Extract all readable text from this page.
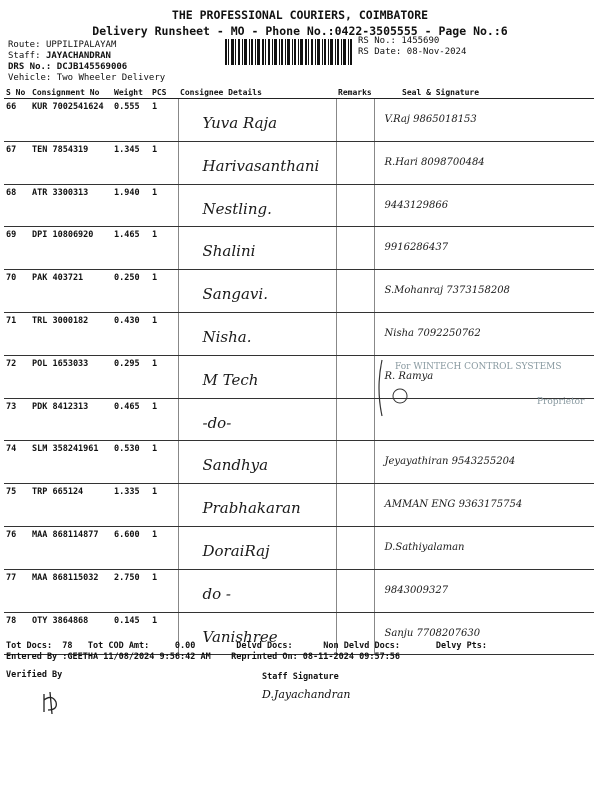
THE PROFESSIONAL COURIERS, COIMBATORE
Delivery Runsheet - MO - Phone No.:0422-3505555 - Page No.:6
Route: UPPILIPALAYAM
Staff: JAYACHANDRAN
DRS No.: DCJB145569006
Vehicle: Two Wheeler Delivery
RS No.: 1455690
RS Date: 08-Nov-2024
S No	Consignment No	Weight	PCS	Consignee Details	Remarks	Seal & Signature
66	KUR 7002541624	0.555	1	Yuva Raja		V.Raj 9865018153

67	TEN 7854319	1.345	1	Harivasanthani		R.Hari 8098700484

68	ATR 3300313	1.940	1	Nestling.		9443129866

69	DPI 10806920	1.465	1	Shalini		9916286437

70	PAK 403721	0.250	1	Sangavi.		S.Mohanraj 7373158208

71	TRL 3000182	0.430	1	Nisha.		Nisha 7092250762

72	POL 1653033	0.295	1	M Tech		R. Ramya

73	PDK 8412313	0.465	1	-do-		

74	SLM 358241961	0.530	1	Sandhya		Jeyayathiran 9543255204

75	TRP 665124	1.335	1	Prabhakaran		AMMAN ENG 9363175754

76	MAA 868114877	6.600	1	DoraiRaj		D.Sathiyalaman

77	MAA 868115032	2.750	1	do -		9843009327

78	OTY 3864868	0.145	1	Vanishree		Sanju 7708207630
For WINTECH CONTROL SYSTEMS
Proprietor
Tot Docs:  78   Tot COD Amt:     0.00        Delvd Docs:      Non Delvd Docs:       Delvy Pts:
Entered By :GEETHA 11/08/2024 9:56:42 AM    Reprinted On: 08-11-2024 09:57:56
Verified By	Staff Signature
D.Jayachandran
